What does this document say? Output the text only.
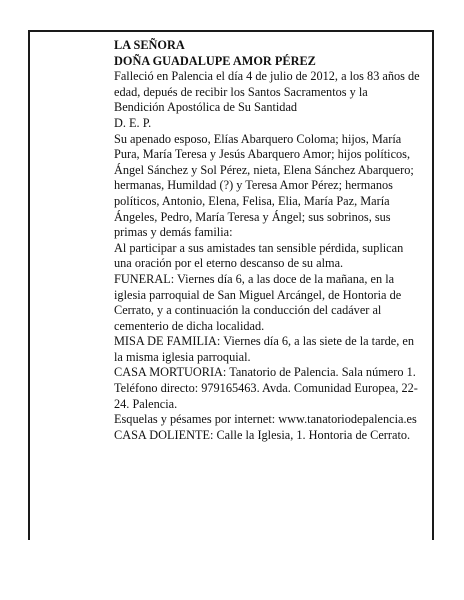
LA SEÑORA

DOÑA GUADALUPE AMOR PÉREZ

Falleció en Palencia el día 4 de julio de 2012, a los 83 años de edad, depués de recibir los Santos Sacramentos y la Bendición Apostólica de Su Santidad

D. E. P.

Su apenado esposo, Elías Abarquero Coloma; hijos, María Pura, María Teresa y Jesús Abarquero Amor; hijos políticos, Ángel Sánchez y Sol Pérez, nieta, Elena Sánchez Abarquero; hermanas, Humildad (?) y Teresa Amor Pérez; hermanos políticos, Antonio, Elena, Felisa, Elia, María Paz, María Ángeles, Pedro, María Teresa y Ángel; sus sobrinos, sus primas y demás familia:

Al participar a sus amistades tan sensible pérdida, suplican una oración por el eterno descanso de su alma.

FUNERAL: Viernes día 6, a las doce de la mañana, en la iglesia parroquial de San Miguel Arcángel, de Hontoria de Cerrato, y a continuación la conducción del cadáver al cementerio de dicha localidad.

MISA DE FAMILIA: Viernes día 6, a las siete de la tarde, en la misma iglesia parroquial.

CASA MORTUORIA: Tanatorio de Palencia. Sala número 1. Teléfono directo: 979165463. Avda. Comunidad Europea, 22-24. Palencia.

Esquelas y pésames por internet: www.tanatoriodepalencia.es

CASA DOLIENTE: Calle la Iglesia, 1. Hontoria de Cerrato.
